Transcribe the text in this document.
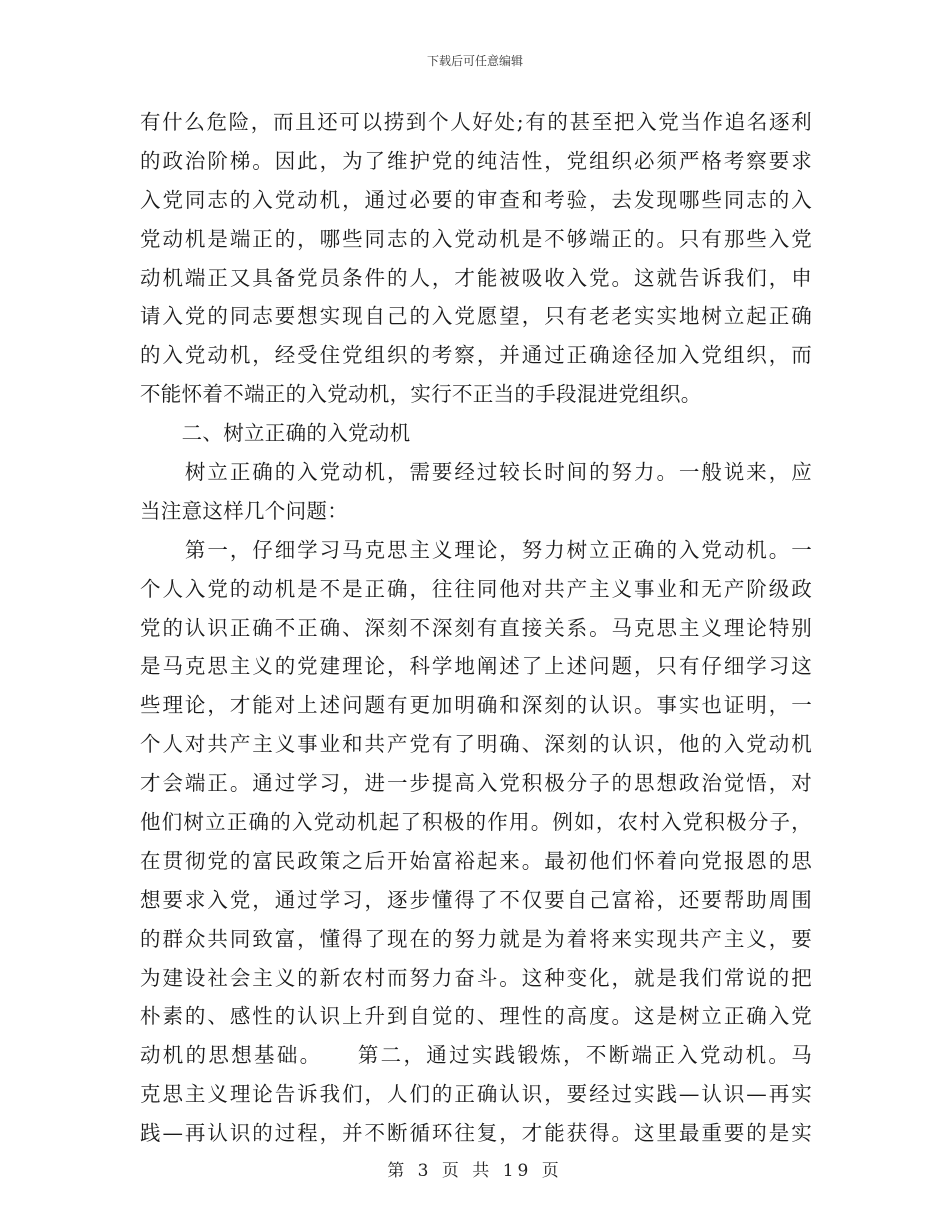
下载后可任意编辑
有什么危险，而且还可以捞到个人好处;有的甚至把入党当作追名逐利
的政治阶梯。因此，为了维护党的纯洁性，党组织必须严格考察要求
入党同志的入党动机，通过必要的审查和考验，去发现哪些同志的入
党动机是端正的，哪些同志的入党动机是不够端正的。只有那些入党
动机端正又具备党员条件的人，才能被吸收入党。这就告诉我们，申
请入党的同志要想实现自己的入党愿望，只有老老实实地树立起正确
的入党动机，经受住党组织的考察，并通过正确途径加入党组织，而
不能怀着不端正的入党动机，实行不正当的手段混进党组织。
　　二、树立正确的入党动机
　　树立正确的入党动机，需要经过较长时间的努力。一般说来，应
当注意这样几个问题：
　　第一，仔细学习马克思主义理论，努力树立正确的入党动机。一
个人入党的动机是不是正确，往往同他对共产主义事业和无产阶级政
党的认识正确不正确、深刻不深刻有直接关系。马克思主义理论特别
是马克思主义的党建理论，科学地阐述了上述问题，只有仔细学习这
些理论，才能对上述问题有更加明确和深刻的认识。事实也证明，一
个人对共产主义事业和共产党有了明确、深刻的认识，他的入党动机
才会端正。通过学习，进一步提高入党积极分子的思想政治觉悟，对
他们树立正确的入党动机起了积极的作用。例如，农村入党积极分子，
在贯彻党的富民政策之后开始富裕起来。最初他们怀着向党报恩的思
想要求入党，通过学习，逐步懂得了不仅要自己富裕，还要帮助周围
的群众共同致富，懂得了现在的努力就是为着将来实现共产主义，要
为建设社会主义的新农村而努力奋斗。这种变化，就是我们常说的把
朴素的、感性的认识上升到自觉的、理性的高度。这是树立正确入党
动机的思想基础。　　第二，通过实践锻炼，不断端正入党动机。马
克思主义理论告诉我们，人们的正确认识，要经过实践—认识—再实
践—再认识的过程，并不断循环往复，才能获得。这里最重要的是实
第 3 页 共 19 页
